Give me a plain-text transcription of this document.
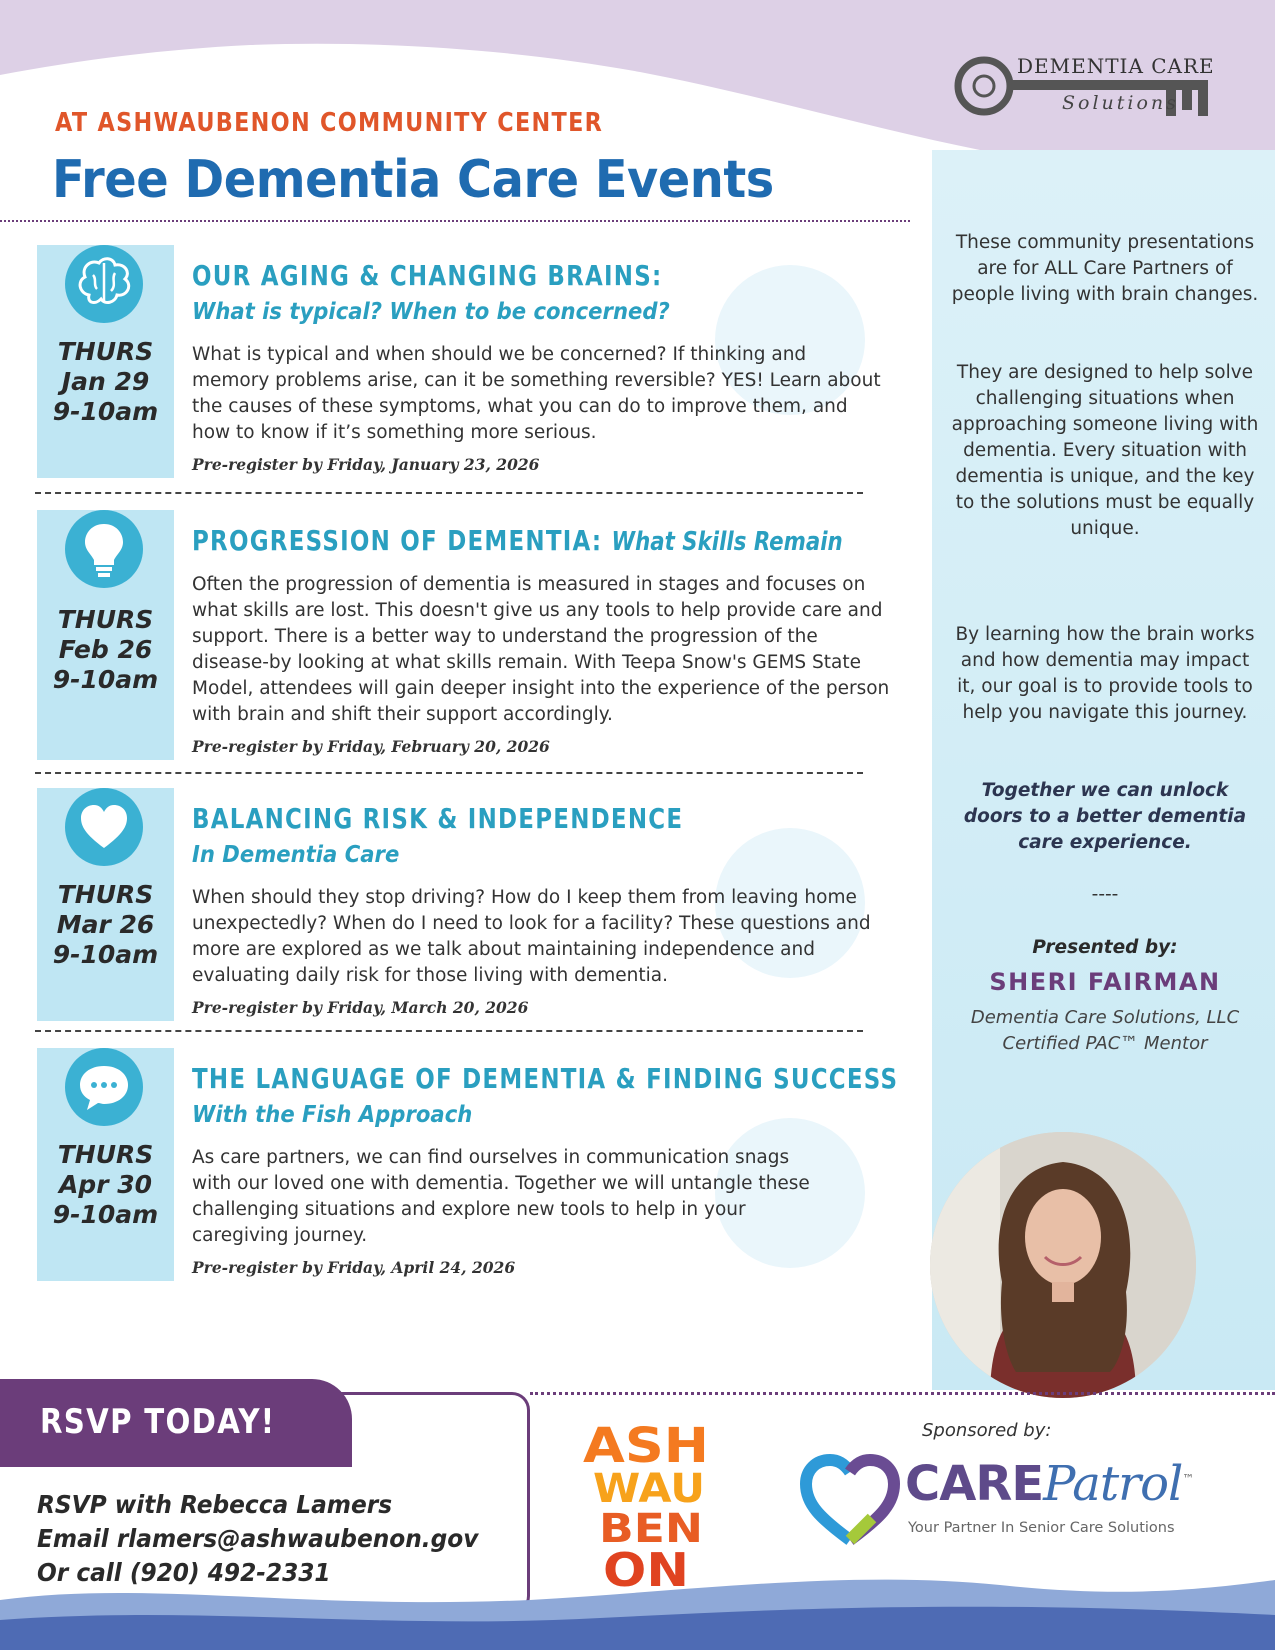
DEMENTIA CARE
Solutions
AT ASHWAUBENON COMMUNITY CENTER
Free Dementia Care Events
THURS
Jan 29
9-10am
OUR AGING & CHANGING BRAINS:
What is typical? When to be concerned?
What is typical and when should we be concerned? If thinking and memory problems arise, can it be something reversible? YES! Learn about the causes of these symptoms, what you can do to improve them, and how to know if it’s something more serious.
Pre-register by Friday, January 23, 2026
THURS
Feb 26
9-10am
PROGRESSION OF DEMENTIA: What Skills Remain
Often the progression of dementia is measured in stages and focuses on what skills are lost. This doesn't give us any tools to help provide care and support. There is a better way to understand the progression of the disease-by looking at what skills remain. With Teepa Snow's GEMS State Model, attendees will gain deeper insight into the experience of the person with brain and shift their support accordingly.
Pre-register by Friday, February 20, 2026
THURS
Mar 26
9-10am
BALANCING RISK & INDEPENDENCE
In Dementia Care
When should they stop driving? How do I keep them from leaving home unexpectedly? When do I need to look for a facility? These questions and more are explored as we talk about maintaining independence and evaluating daily risk for those living with dementia.
Pre-register by Friday, March 20, 2026
THURS
Apr 30
9-10am
THE LANGUAGE OF DEMENTIA & FINDING SUCCESS
With the Fish Approach
As care partners, we can find ourselves in communication snags with our loved one with dementia. Together we will untangle these challenging situations and explore new tools to help in your caregiving journey.
Pre-register by Friday, April 24, 2026
These community presentations are for ALL Care Partners of people living with brain changes.
They are designed to help solve challenging situations when approaching someone living with dementia. Every situation with dementia is unique, and the key to the solutions must be equally unique.
By learning how the brain works and how dementia may impact it, our goal is to provide tools to help you navigate this journey.
Together we can unlock doors to a better dementia care experience.
----
Presented by:
SHERI FAIRMAN
Dementia Care Solutions, LLC
Certified PAC™ Mentor
RSVP TODAY!
RSVP with Rebecca Lamers
Email rlamers@ashwaubenon.gov
Or call (920) 492-2331
ASH
WAU
BEN
ON
Sponsored by:
CAREPatrol™
Your Partner In Senior Care Solutions
